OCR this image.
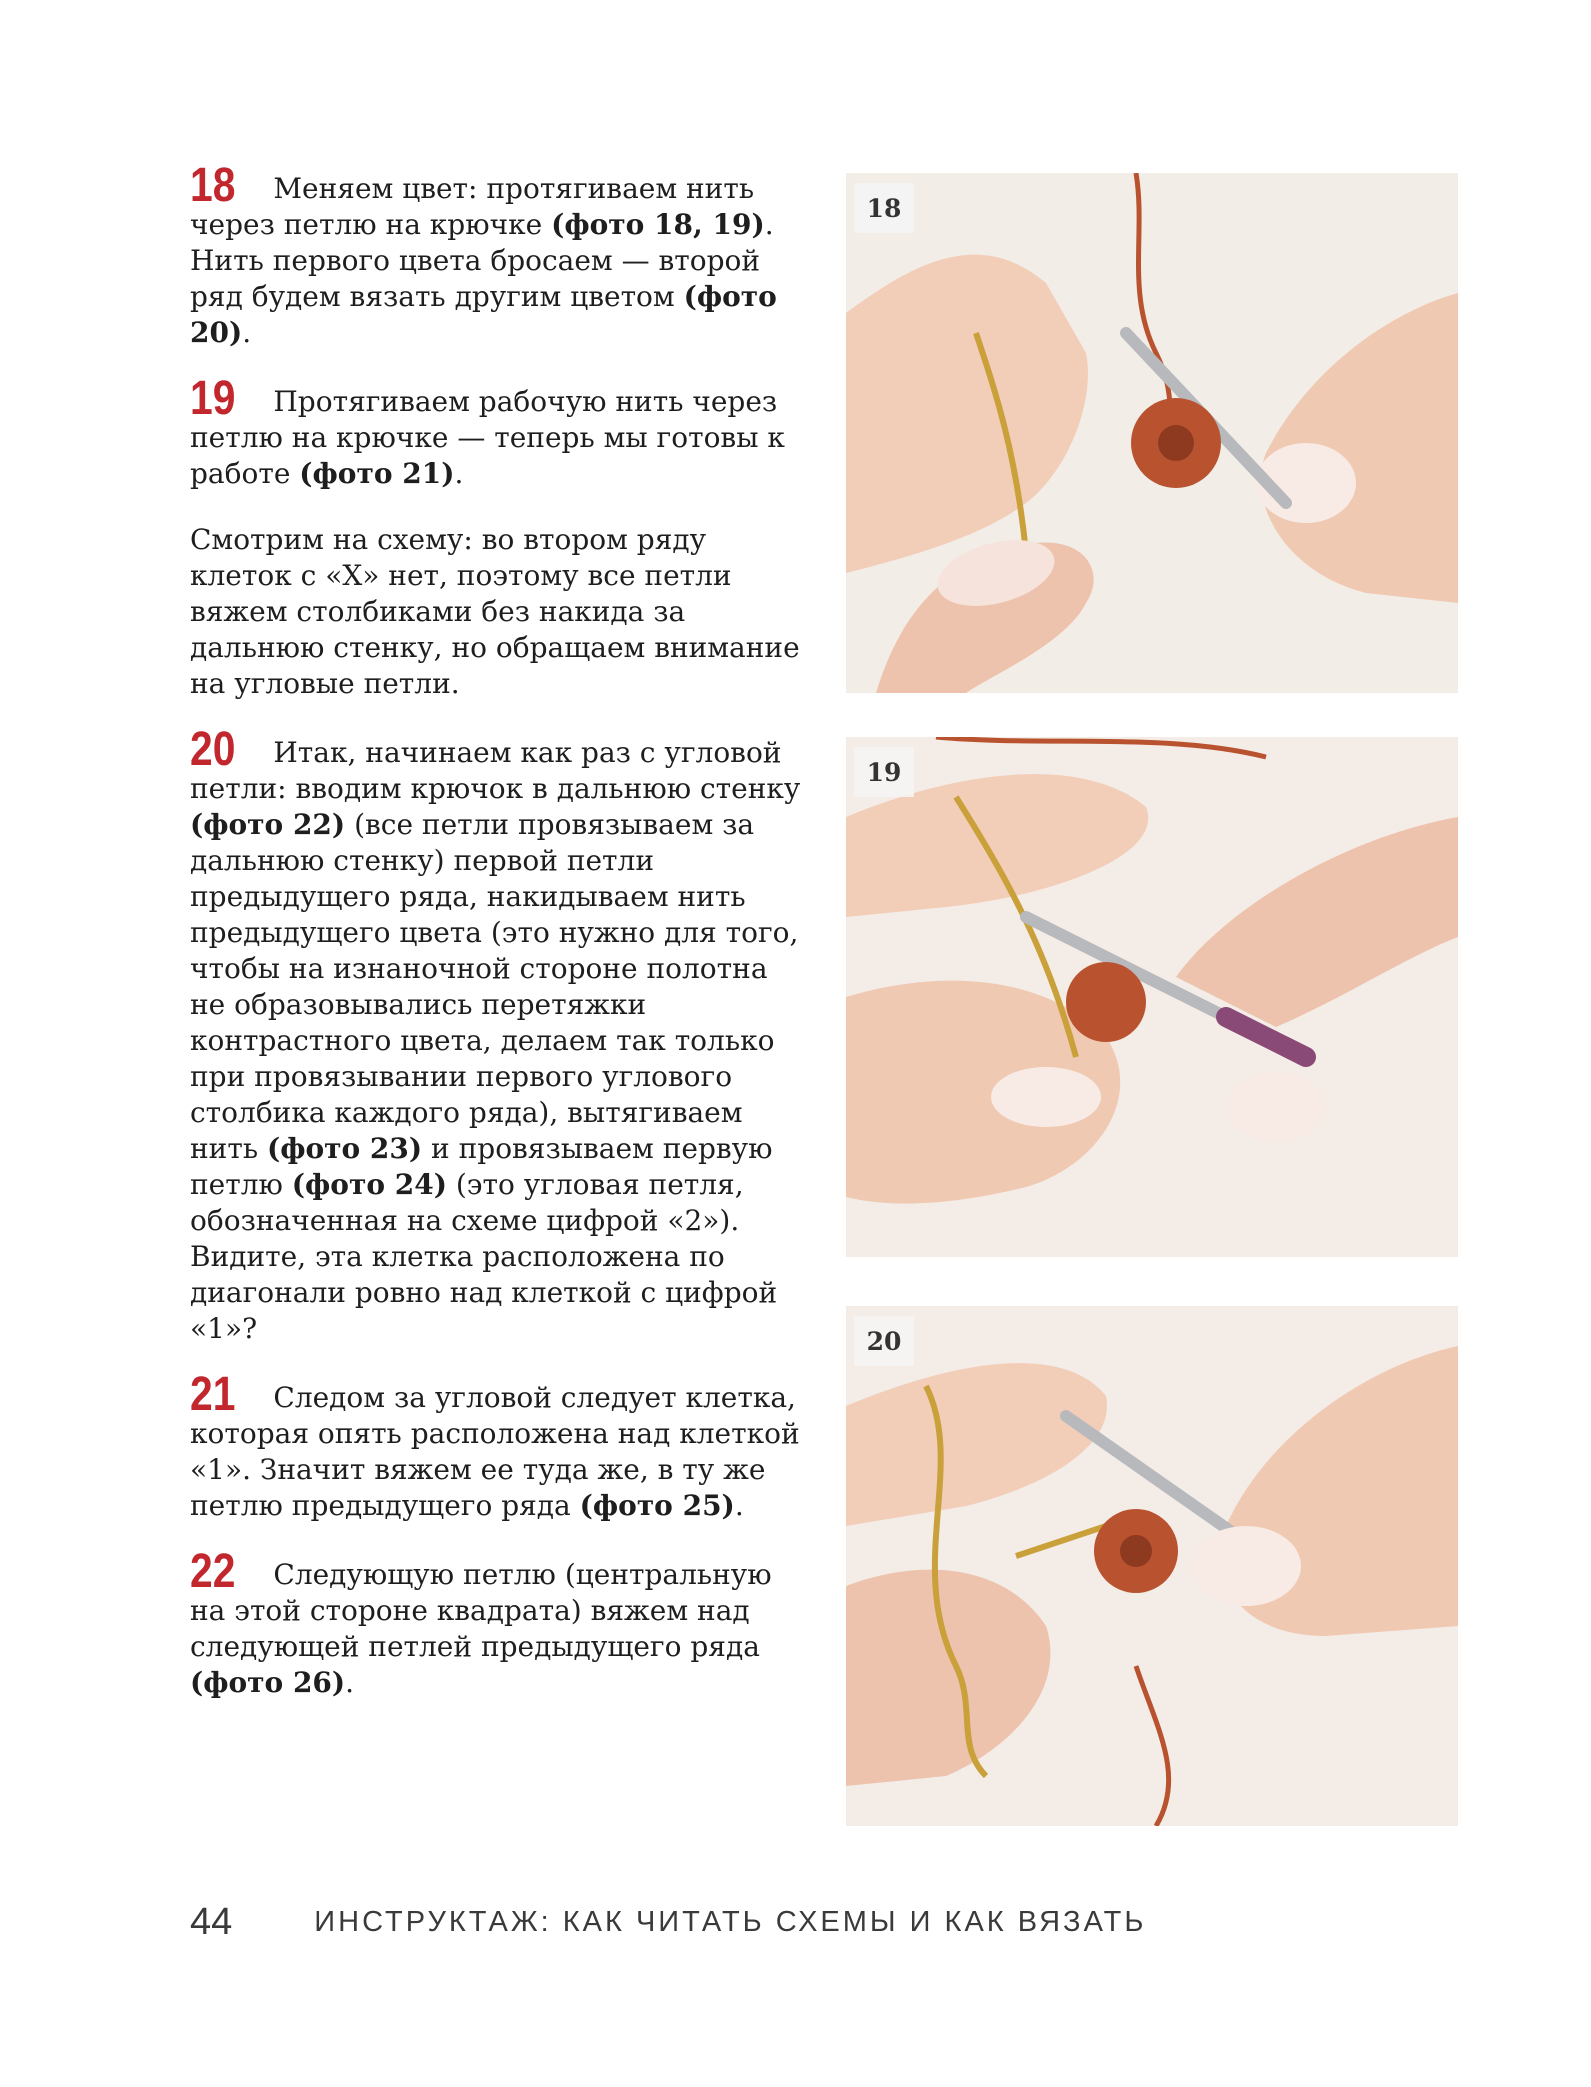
18 Меняем цвет: протягиваем нить через петлю на крючке (фото 18, 19). Нить первого цвета бросаем — второй ряд будем вязать другим цветом (фото 20).

19 Протягиваем рабочую нить через петлю на крючке — теперь мы готовы к работе (фото 21).

Смотрим на схему: во втором ряду клеток с «X» нет, поэтому все петли вяжем столбиками без накида за дальнюю стенку, но обращаем внимание на угловые петли.

20 Итак, начинаем как раз с угловой петли: вводим крючок в дальнюю стенку (фото 22) (все петли провязываем за дальнюю стенку) первой петли предыдущего ряда, накидываем нить предыдущего цвета (это нужно для того, чтобы на изнаночной стороне полотна не образовывались перетяжки контрастного цвета, делаем так только при провязывании первого углового столбика каждого ряда), вытягиваем нить (фото 23) и провязываем первую петлю (фото 24) (это угловая петля, обозначенная на схеме цифрой «2»). Видите, эта клетка расположена по диагонали ровно над клеткой с цифрой «1»?

21 Следом за угловой следует клетка, которая опять расположена над клеткой «1». Значит вяжем ее туда же, в ту же петлю предыдущего ряда (фото 25).

22 Следующую петлю (центральную на этой стороне квадрата) вяжем над следующей петлей предыдущего ряда (фото 26).

18
19
20
44	ИНСТРУКТАЖ: КАК ЧИТАТЬ СХЕМЫ И КАК ВЯЗАТЬ
